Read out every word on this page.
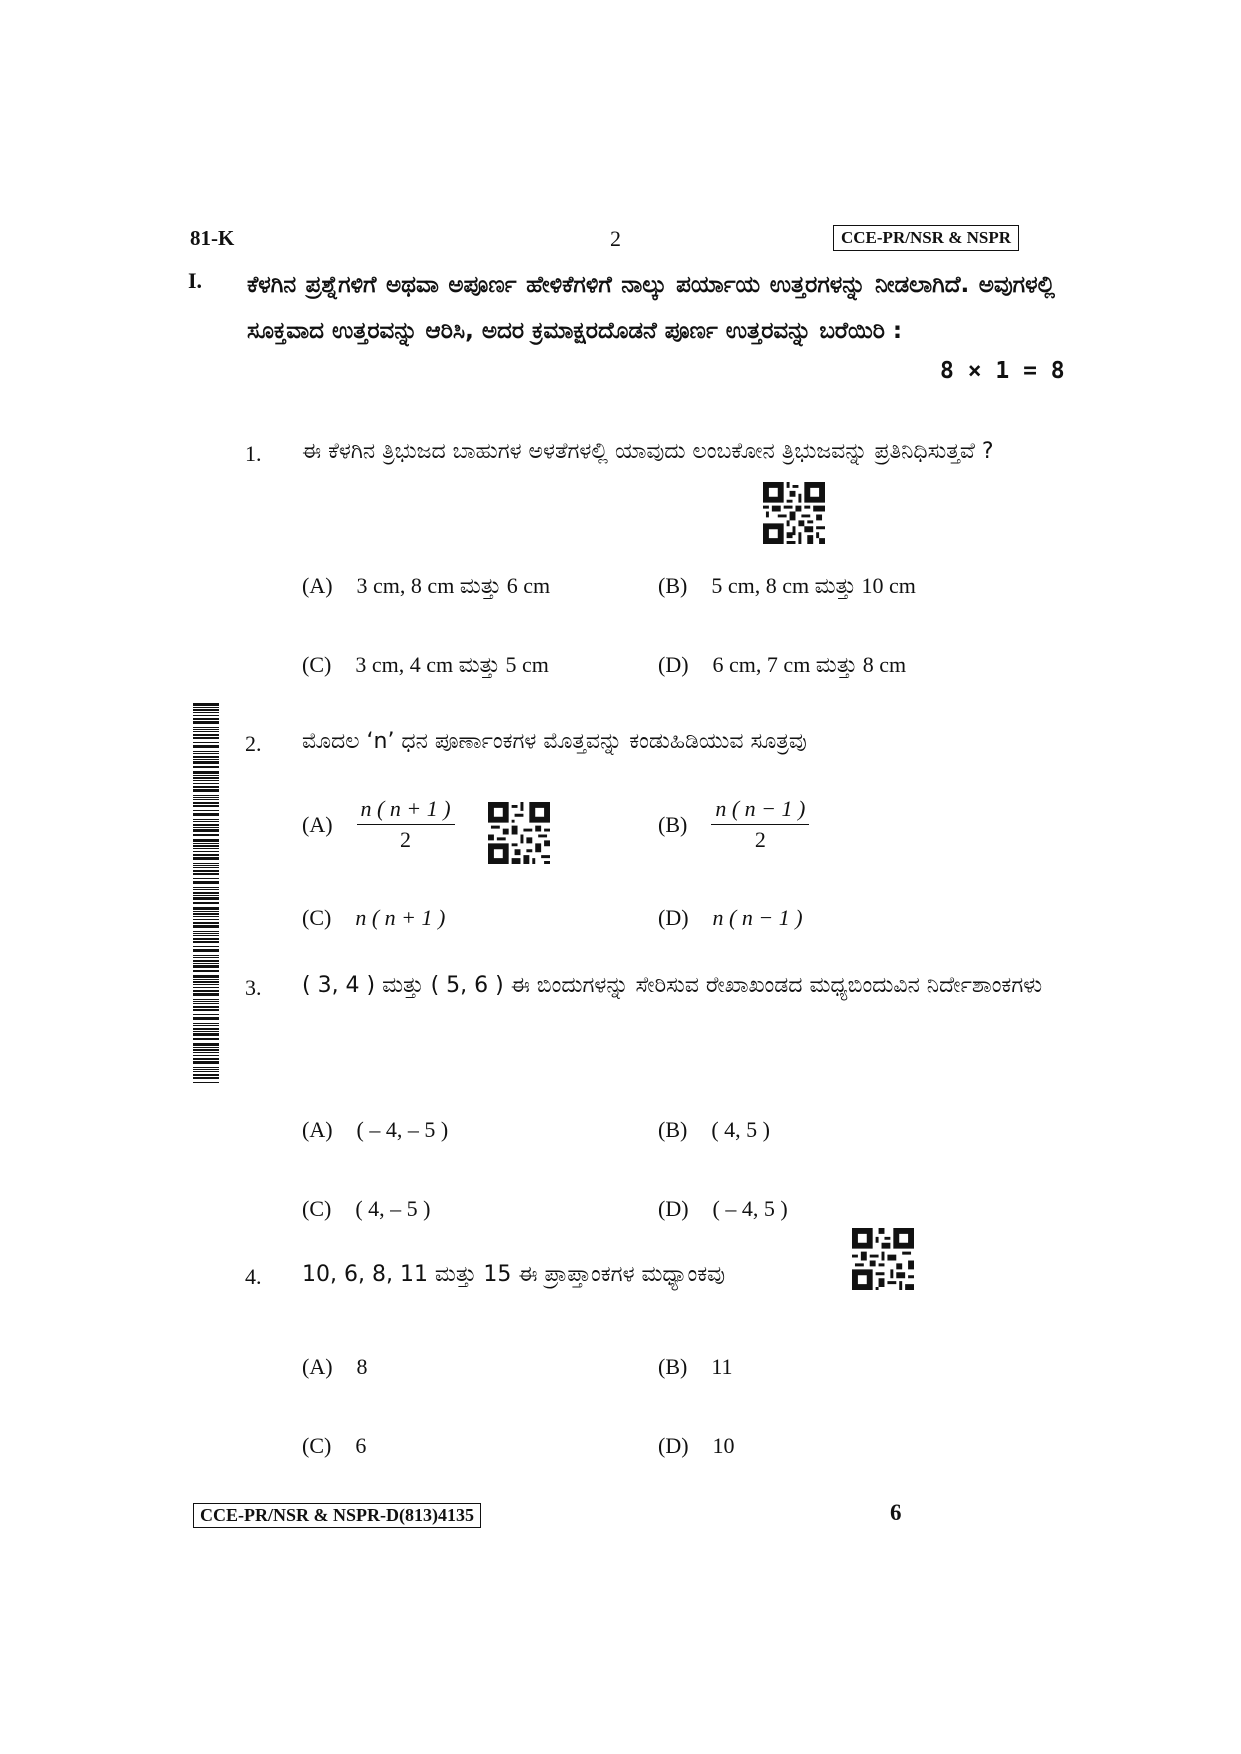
81-K	2	CCE-PR/NSR & NSPR
I. ಕೆಳಗಿನ ಪ್ರಶ್ನೆಗಳಿಗೆ ಅಥವಾ ಅಪೂರ್ಣ ಹೇಳಿಕೆಗಳಿಗೆ ನಾಲ್ಕು ಪರ್ಯಾಯ ಉತ್ತರಗಳನ್ನು ನೀಡಲಾಗಿದೆ. ಅವುಗಳಲ್ಲಿ ಸೂಕ್ತವಾದ ಉತ್ತರವನ್ನು ಆರಿಸಿ, ಅದರ ಕ್ರಮಾಕ್ಷರದೊಡನೆ ಪೂರ್ಣ ಉತ್ತರವನ್ನು ಬರೆಯಿರಿ :
8 × 1 = 8
1. ಈ ಕೆಳಗಿನ ತ್ರಿಭುಜದ ಬಾಹುಗಳ ಅಳತೆಗಳಲ್ಲಿ ಯಾವುದು ಲಂಬಕೋನ ತ್ರಿಭುಜವನ್ನು ಪ್ರತಿನಿಧಿಸುತ್ತವೆ ?
(A) 3 cm, 8 cm ಮತ್ತು 6 cm	(B) 5 cm, 8 cm ಮತ್ತು 10 cm
(C) 3 cm, 4 cm ಮತ್ತು 5 cm	(D) 6 cm, 7 cm ಮತ್ತು 8 cm
2. ಮೊದಲ ‘n’ ಧನ ಪೂರ್ಣಾಂಕಗಳ ಮೊತ್ತವನ್ನು ಕಂಡುಹಿಡಿಯುವ ಸೂತ್ರವು
$(A) \frac{n ( n + 1 )}{2}$	$(B) \frac{n ( n - 1 )}{2}$
(C) n ( n + 1 )	(D) n ( n − 1 )
3. ( 3, 4 ) ಮತ್ತು ( 5, 6 ) ಈ ಬಿಂದುಗಳನ್ನು ಸೇರಿಸುವ ರೇಖಾಖಂಡದ ಮಧ್ಯಬಿಂದುವಿನ ನಿರ್ದೇಶಾಂಕಗಳು
(A) ( – 4, – 5 )	(B) ( 4, 5 )
(C) ( 4, – 5 )	(D) ( – 4, 5 )
4. 10, 6, 8, 11 ಮತ್ತು 15 ಈ ಪ್ರಾಪ್ತಾಂಕಗಳ ಮಧ್ಯಾಂಕವು
(A) 8	(B) 11
(C) 6	(D) 10
CCE-PR/NSR & NSPR-D(813)4135	6
